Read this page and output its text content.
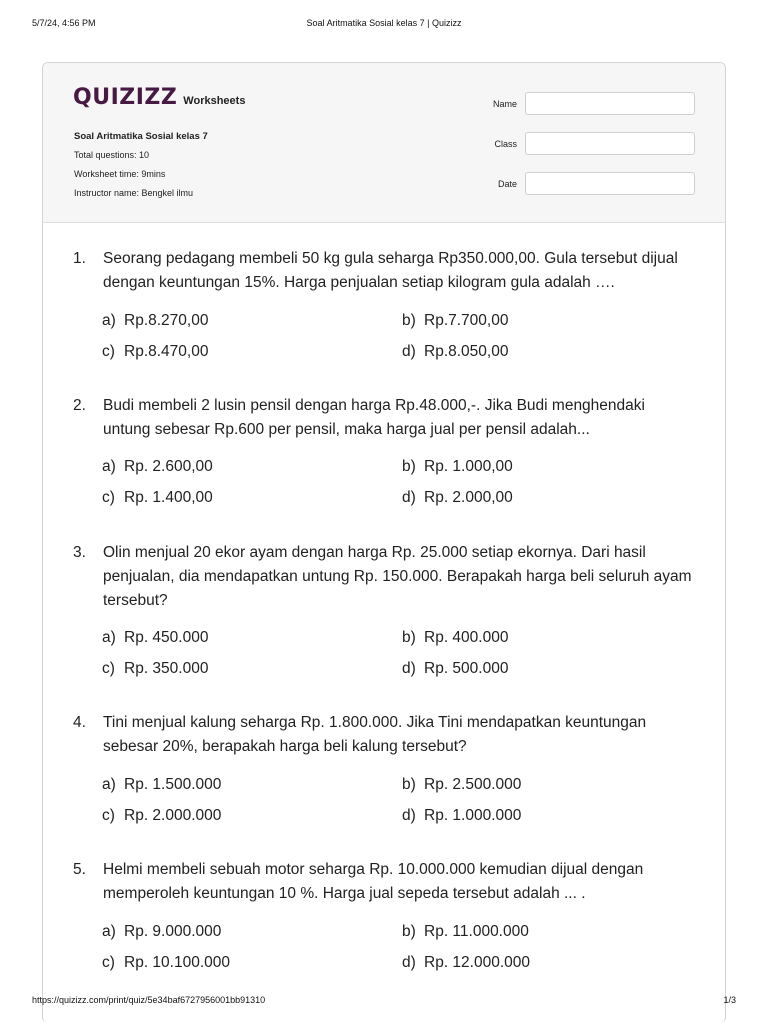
5/7/24, 4:56 PM	Soal Aritmatika Sosial kelas 7 | Quizizz
QUIZIZZ Worksheets
Soal Aritmatika Sosial kelas 7
Total questions: 10
Worksheet time: 9mins
Instructor name: Bengkel ilmu
Name
Class
Date
1.	Seorang pedagang membeli 50 kg gula seharga Rp350.000,00. Gula tersebut dijual dengan keuntungan 15%. Harga penjualan setiap kilogram gula adalah ….
a) Rp.8.270,00	b) Rp.7.700,00
c) Rp.8.470,00	d) Rp.8.050,00
2.	Budi membeli 2 lusin pensil dengan harga Rp.48.000,-. Jika Budi menghendaki untung sebesar Rp.600 per pensil, maka harga jual per pensil adalah...
a) Rp. 2.600,00	b) Rp. 1.000,00
c) Rp. 1.400,00	d) Rp. 2.000,00
3.	Olin menjual 20 ekor ayam dengan harga Rp. 25.000 setiap ekornya. Dari hasil penjualan, dia mendapatkan untung Rp. 150.000. Berapakah harga beli seluruh ayam tersebut?
a) Rp. 450.000	b) Rp. 400.000
c) Rp. 350.000	d) Rp. 500.000
4.	Tini menjual kalung seharga Rp. 1.800.000. Jika Tini mendapatkan keuntungan sebesar 20%, berapakah harga beli kalung tersebut?
a) Rp. 1.500.000	b) Rp. 2.500.000
c) Rp. 2.000.000	d) Rp. 1.000.000
5.	Helmi membeli sebuah motor seharga Rp. 10.000.000 kemudian dijual dengan memperoleh keuntungan 10 %. Harga jual sepeda tersebut adalah ... .
a) Rp. 9.000.000	b) Rp. 11.000.000
c) Rp. 10.100.000	d) Rp. 12.000.000
https://quizizz.com/print/quiz/5e34baf6727956001bb91310	1/3
